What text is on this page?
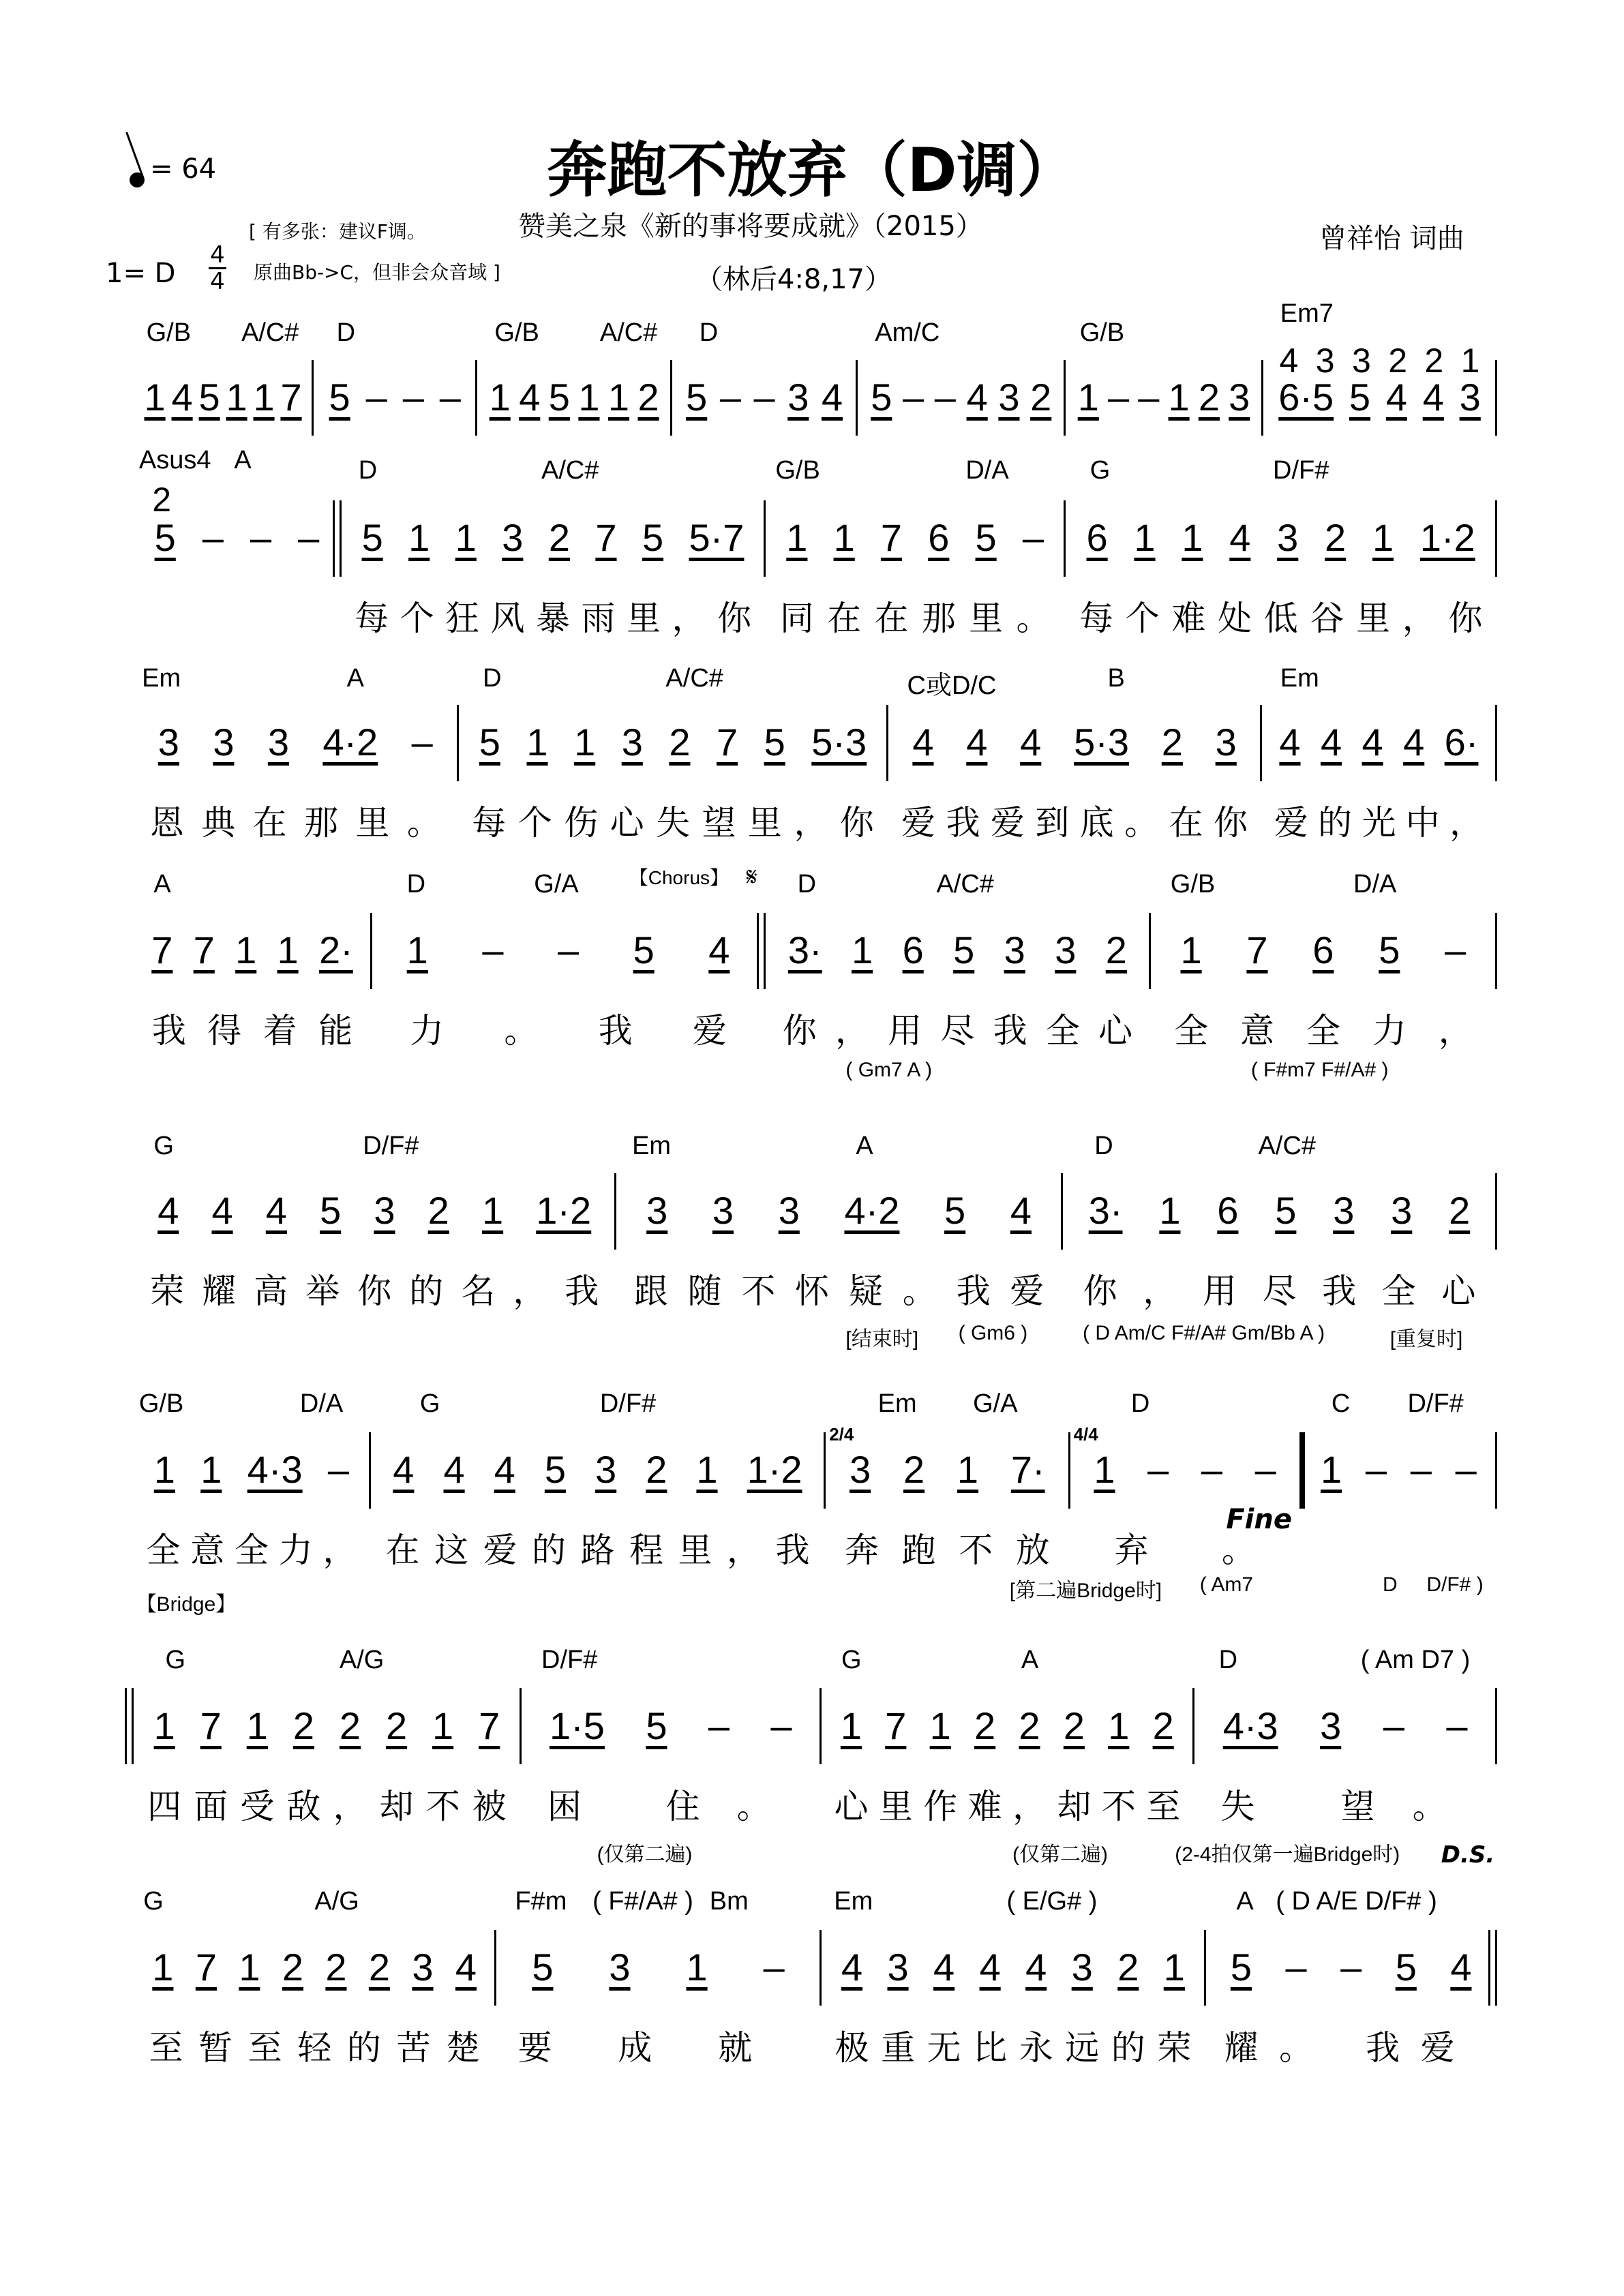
奔跑不放弃（D调）
= 64
赞美之泉《新的事将要成就》（2015）	曾祥怡 词曲
[ 有多张：建议F调。
原曲Bb->C，但非会众音域 ]
1= D
4
4	（林后4:8,17）
G/B A/C# D	G/B A/C# D	Am/C	G/B
Em7
1 4 5 1 1 7 5 – – – 1 4 5 1 1 2 5 – – 3 4 5 – – 4 3 2 1 – – 1 2 3 6·5 5 4 4 3
4 3 3 2 2 1
Asus4 A	D	A/C#	G/B	D/A	G	D/F#
5 – – –
2
5 1 1 3 2 7 5 5·7
每个狂风暴雨里，你
1 1 7 6 5 –
同在在那里。
6 1 1 4 3 2 1 1·2
每个难处低谷里，你
Em	A	D	A/C#	C或D/C	B	Em
3 3 3 4·2 –
恩典在那里。
5 1 1 3 2 7 5 5·3
每个伤心失望里，你
4 4 4 5·3 2 3
爱我爱到底。在你
4 4 4 4 6·
爱的光中，
A	D	G/A	【Chorus】 𝄋 D	A/C#	G/B	D/A
7 7 1 1 2·
我得着能
1 – – 5 4
力。我爱
3· 1 6 5 3 3 2
你，用尽我全心
1 7 6 5 –
全意全力，
( Gm7 A )	( F#m7 F#/A# )
G	D/F#	Em	A	D	A/C#
4 4 4 5 3 2 1 1·2
荣耀高举你的名，我
3 3 3 4·2 5 4
跟随不怀疑。我爱
3· 1 6 5 3 3 2
你，用尽我全心
[结束时] ( Gm6 )	( D Am/C F#/A# Gm/Bb A )	[重复时]
G/B	D/A	G	D/F#	Em G/A	D	C D/F#
1 1 4·3 –
全意全力，
4 4 4 5 3 2 1 1·2
在这爱的路程里，我
3 2 1 7·
2/4
奔跑不放
1 – – –
4/4
弃。
1 – – –
【Bridge】
[第二遍Bridge时] ( Am7	D D/F# )
Fine
G	A/G	D/F#	G	A	D	( Am D7 )
1 7 1 2 2 2 1 7
四面受敌，却不被
1·5 5 – –
困 住。
1 7 1 2 2 2 1 2
心里作难，却不至
4·3 3 – –
失 望。
(仅第二遍)	(仅第二遍)	(2-4拍仅第一遍Bridge时) D.S.
G	A/G	F#m ( F#/A# ) Bm	Em	( E/G# )	A ( D A/E D/F# )
1 7 1 2 2 2 3 4
至暂至轻的苦楚
5 3 1 –
要 成 就
4 3 4 4 4 3 2 1
极重无比永远的荣
5 – – 5 4
耀。 我爱
